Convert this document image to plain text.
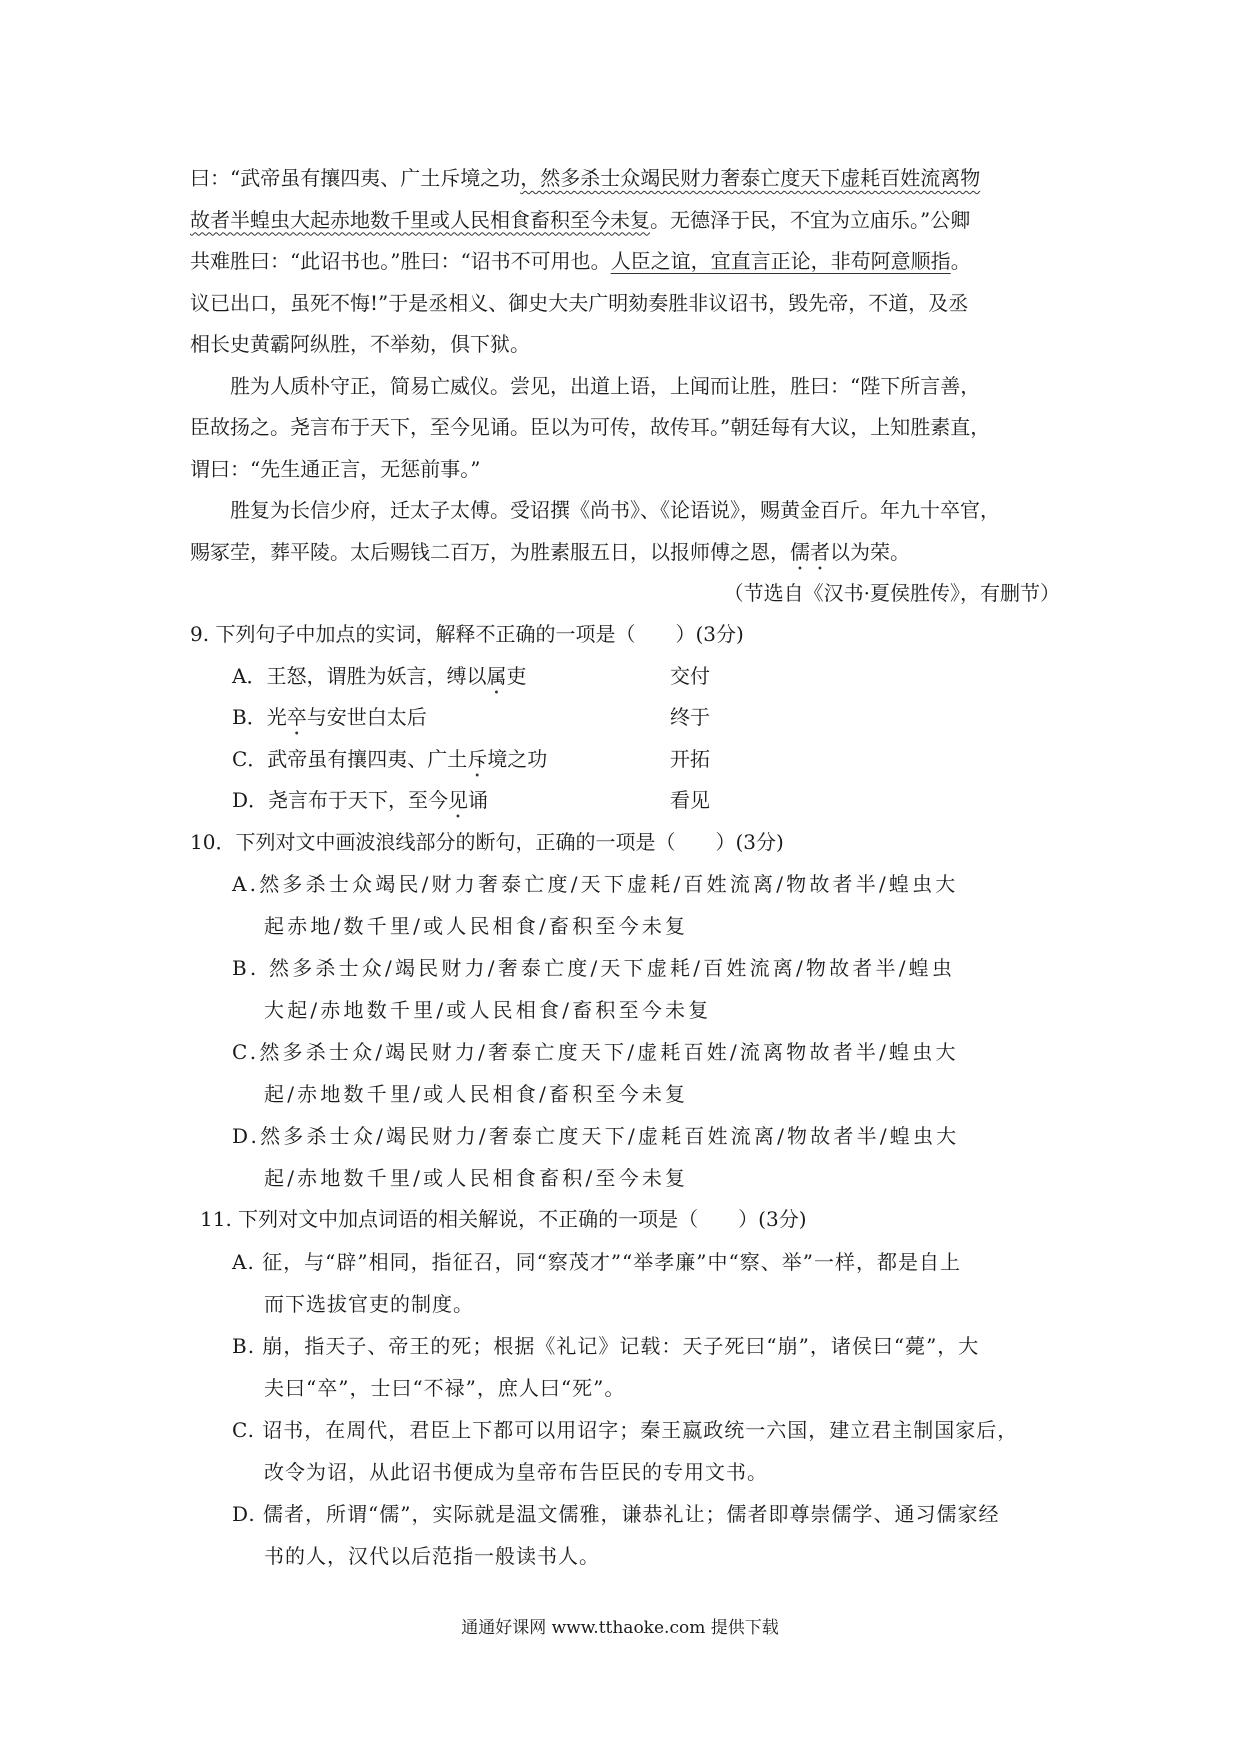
曰：“武帝虽有攘四夷、广土斥境之功，然多杀士众竭民财力奢泰亡度天下虚耗百姓流离物
故者半蝗虫大起赤地数千里或人民相食畜积至今未复。无德泽于民，不宜为立庙乐。”公卿
共难胜曰：“此诏书也。”胜曰：“诏书不可用也。人臣之谊，宜直言正论，非苟阿意顺指。
议已出口，虽死不悔!”于是丞相义、御史大夫广明劾奏胜非议诏书，毁先帝，不道，及丞
相长史黄霸阿纵胜，不举劾，俱下狱。
胜为人质朴守正，简易亡威仪。尝见，出道上语，上闻而让胜，胜曰：“陛下所言善，
臣故扬之。尧言布于天下，至今见诵。臣以为可传，故传耳。”朝廷每有大议，上知胜素直，
谓曰：“先生通正言，无惩前事。”
胜复为长信少府，迁太子太傅。受诏撰《尚书》、《论语说》，赐黄金百斤。年九十卒官，
赐冢茔，葬平陵。太后赐钱二百万，为胜素服五日，以报师傅之恩，儒者以为荣。
（节选自《汉书·夏侯胜传》，有删节）
9. 下列句子中加点的实词，解释不正确的一项是（　　）(3分)
A．王怒，谓胜为妖言，缚以属吏	交付
B．光卒与安世白太后	终于
C．武帝虽有攘四夷、广土斥境之功	开拓
D．尧言布于天下，至今见诵	看见
10．下列对文中画波浪线部分的断句，正确的一项是（　　）(3分)
A.然多杀士众竭民/财力奢泰亡度/天下虚耗/百姓流离/物故者半/蝗虫大
起赤地/数千里/或人民相食/畜积至今未复
B. 然多杀士众/竭民财力/奢泰亡度/天下虚耗/百姓流离/物故者半/蝗虫
大起/赤地数千里/或人民相食/畜积至今未复
C.然多杀士众/竭民财力/奢泰亡度天下/虚耗百姓/流离物故者半/蝗虫大
起/赤地数千里/或人民相食/畜积至今未复
D.然多杀士众/竭民财力/奢泰亡度天下/虚耗百姓流离/物故者半/蝗虫大
起/赤地数千里/或人民相食畜积/至今未复
11. 下列对文中加点词语的相关解说，不正确的一项是（　　）(3分)
A. 征，与“辟”相同，指征召，同“察茂才”“举孝廉”中“察、举”一样，都是自上
而下选拔官吏的制度。
B. 崩，指天子、帝王的死；根据《礼记》记载：天子死曰“崩”，诸侯曰“薨”，大
夫曰“卒”，士曰“不禄”，庶人曰“死”。
C. 诏书，在周代，君臣上下都可以用诏字；秦王嬴政统一六国，建立君主制国家后，
改令为诏，从此诏书便成为皇帝布告臣民的专用文书。
D. 儒者，所谓“儒”，实际就是温文儒雅，谦恭礼让；儒者即尊崇儒学、通习儒家经
书的人，汉代以后范指一般读书人。
通通好课网 www.tthaoke.com 提供下载
